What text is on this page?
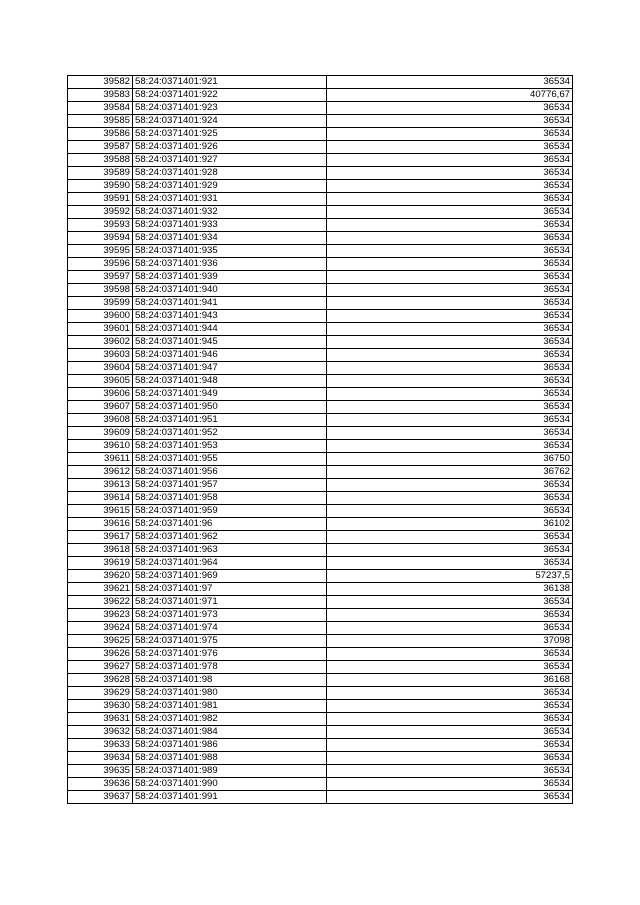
39582	58:24:0371401:921	36534
39583	58:24:0371401:922	40776,67
39584	58:24:0371401:923	36534
39585	58:24:0371401:924	36534
39586	58:24:0371401:925	36534
39587	58:24:0371401:926	36534
39588	58:24:0371401:927	36534
39589	58:24:0371401:928	36534
39590	58:24:0371401:929	36534
39591	58:24:0371401:931	36534
39592	58:24:0371401:932	36534
39593	58:24:0371401:933	36534
39594	58:24:0371401:934	36534
39595	58:24:0371401:935	36534
39596	58:24:0371401:936	36534
39597	58:24:0371401:939	36534
39598	58:24:0371401:940	36534
39599	58:24:0371401:941	36534
39600	58:24:0371401:943	36534
39601	58:24:0371401:944	36534
39602	58:24:0371401:945	36534
39603	58:24:0371401:946	36534
39604	58:24:0371401:947	36534
39605	58:24:0371401:948	36534
39606	58:24:0371401:949	36534
39607	58:24:0371401:950	36534
39608	58:24:0371401:951	36534
39609	58:24:0371401:952	36534
39610	58:24:0371401:953	36534
39611	58:24:0371401:955	36750
39612	58:24:0371401:956	36762
39613	58:24:0371401:957	36534
39614	58:24:0371401:958	36534
39615	58:24:0371401:959	36534
39616	58:24:0371401:96	36102
39617	58:24:0371401:962	36534
39618	58:24:0371401:963	36534
39619	58:24:0371401:964	36534
39620	58:24:0371401:969	57237,5
39621	58:24:0371401:97	36138
39622	58:24:0371401:971	36534
39623	58:24:0371401:973	36534
39624	58:24:0371401:974	36534
39625	58:24:0371401:975	37098
39626	58:24:0371401:976	36534
39627	58:24:0371401:978	36534
39628	58:24:0371401:98	36168
39629	58:24:0371401:980	36534
39630	58:24:0371401:981	36534
39631	58:24:0371401:982	36534
39632	58:24:0371401:984	36534
39633	58:24:0371401:986	36534
39634	58:24:0371401:988	36534
39635	58:24:0371401:989	36534
39636	58:24:0371401:990	36534
39637	58:24:0371401:991	36534
